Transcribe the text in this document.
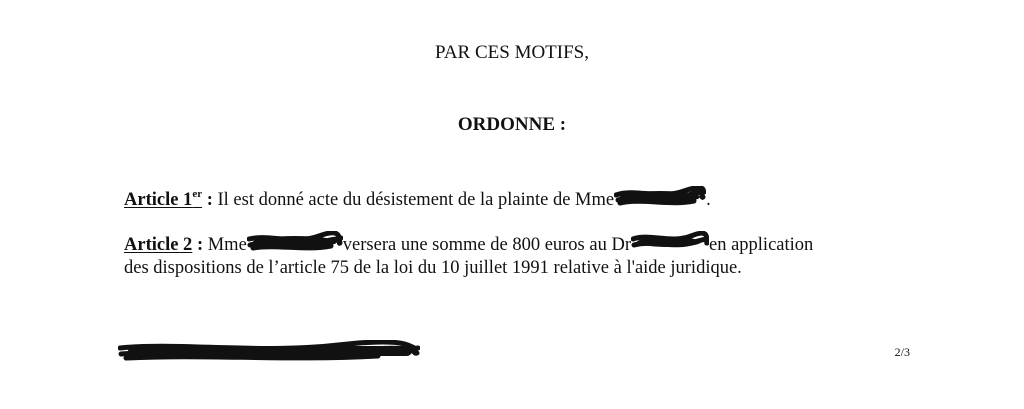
PAR CES MOTIFS,
ORDONNE :
Article 1er : Il est donné acte du désistement de la plainte de Mme	.
Article 2 : Mme	versera une somme de 800 euros au Dr	en application
des dispositions de l’article 75 de la loi du 10 juillet 1991 relative à l'aide juridique.
2/3
